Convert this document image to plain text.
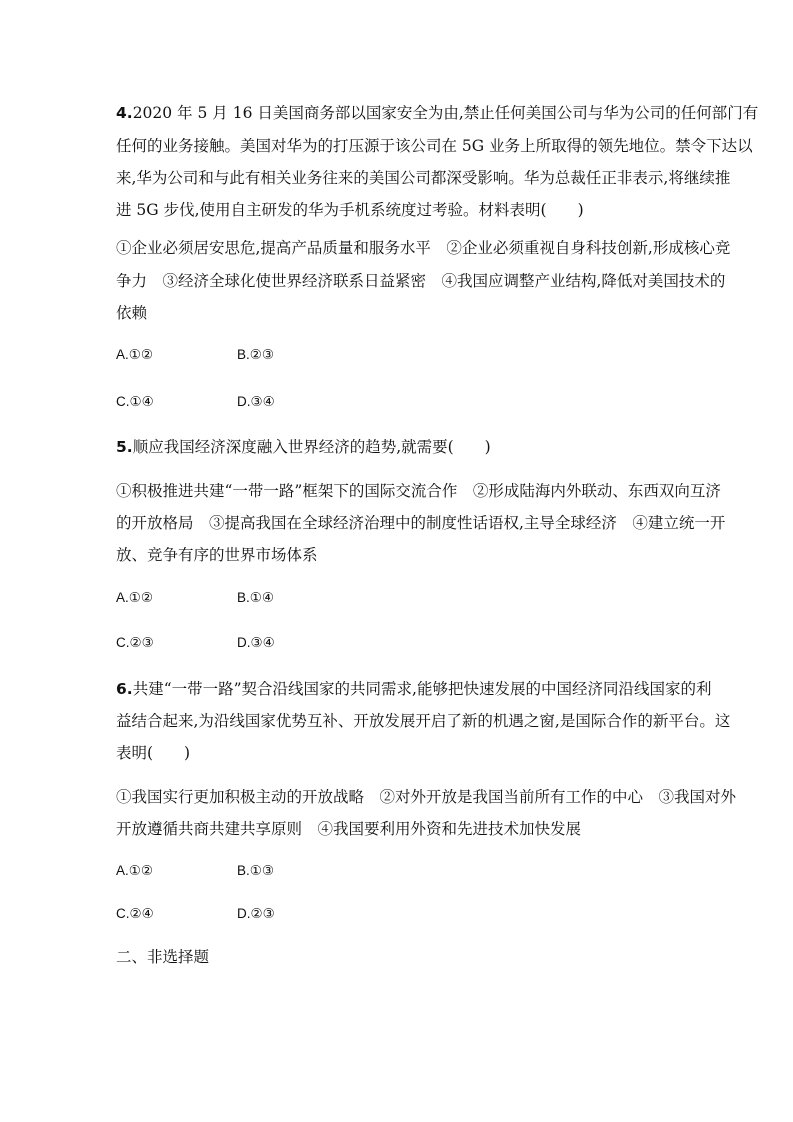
4.2020 年 5 月 16 日美国商务部以国家安全为由,禁止任何美国公司与华为公司的任何部门有
任何的业务接触。美国对华为的打压源于该公司在 5G 业务上所取得的领先地位。禁令下达以
来,华为公司和与此有相关业务往来的美国公司都深受影响。华为总裁任正非表示,将继续推
进 5G 步伐,使用自主研发的华为手机系统度过考验。材料表明(　　)
①企业必须居安思危,提高产品质量和服务水平　②企业必须重视自身科技创新,形成核心竞
争力　③经济全球化使世界经济联系日益紧密　④我国应调整产业结构,降低对美国技术的
依赖
A.①②	B.②③
C.①④	D.③④
5.顺应我国经济深度融入世界经济的趋势,就需要(　　)
①积极推进共建“一带一路”框架下的国际交流合作　②形成陆海内外联动、东西双向互济
的开放格局　③提高我国在全球经济治理中的制度性话语权,主导全球经济　④建立统一开
放、竞争有序的世界市场体系
A.①②	B.①④
C.②③	D.③④
6.共建“一带一路”契合沿线国家的共同需求,能够把快速发展的中国经济同沿线国家的利
益结合起来,为沿线国家优势互补、开放发展开启了新的机遇之窗,是国际合作的新平台。这
表明(　　)
①我国实行更加积极主动的开放战略　②对外开放是我国当前所有工作的中心　③我国对外
开放遵循共商共建共享原则　④我国要利用外资和先进技术加快发展
A.①②	B.①③
C.②④	D.②③
二、非选择题
